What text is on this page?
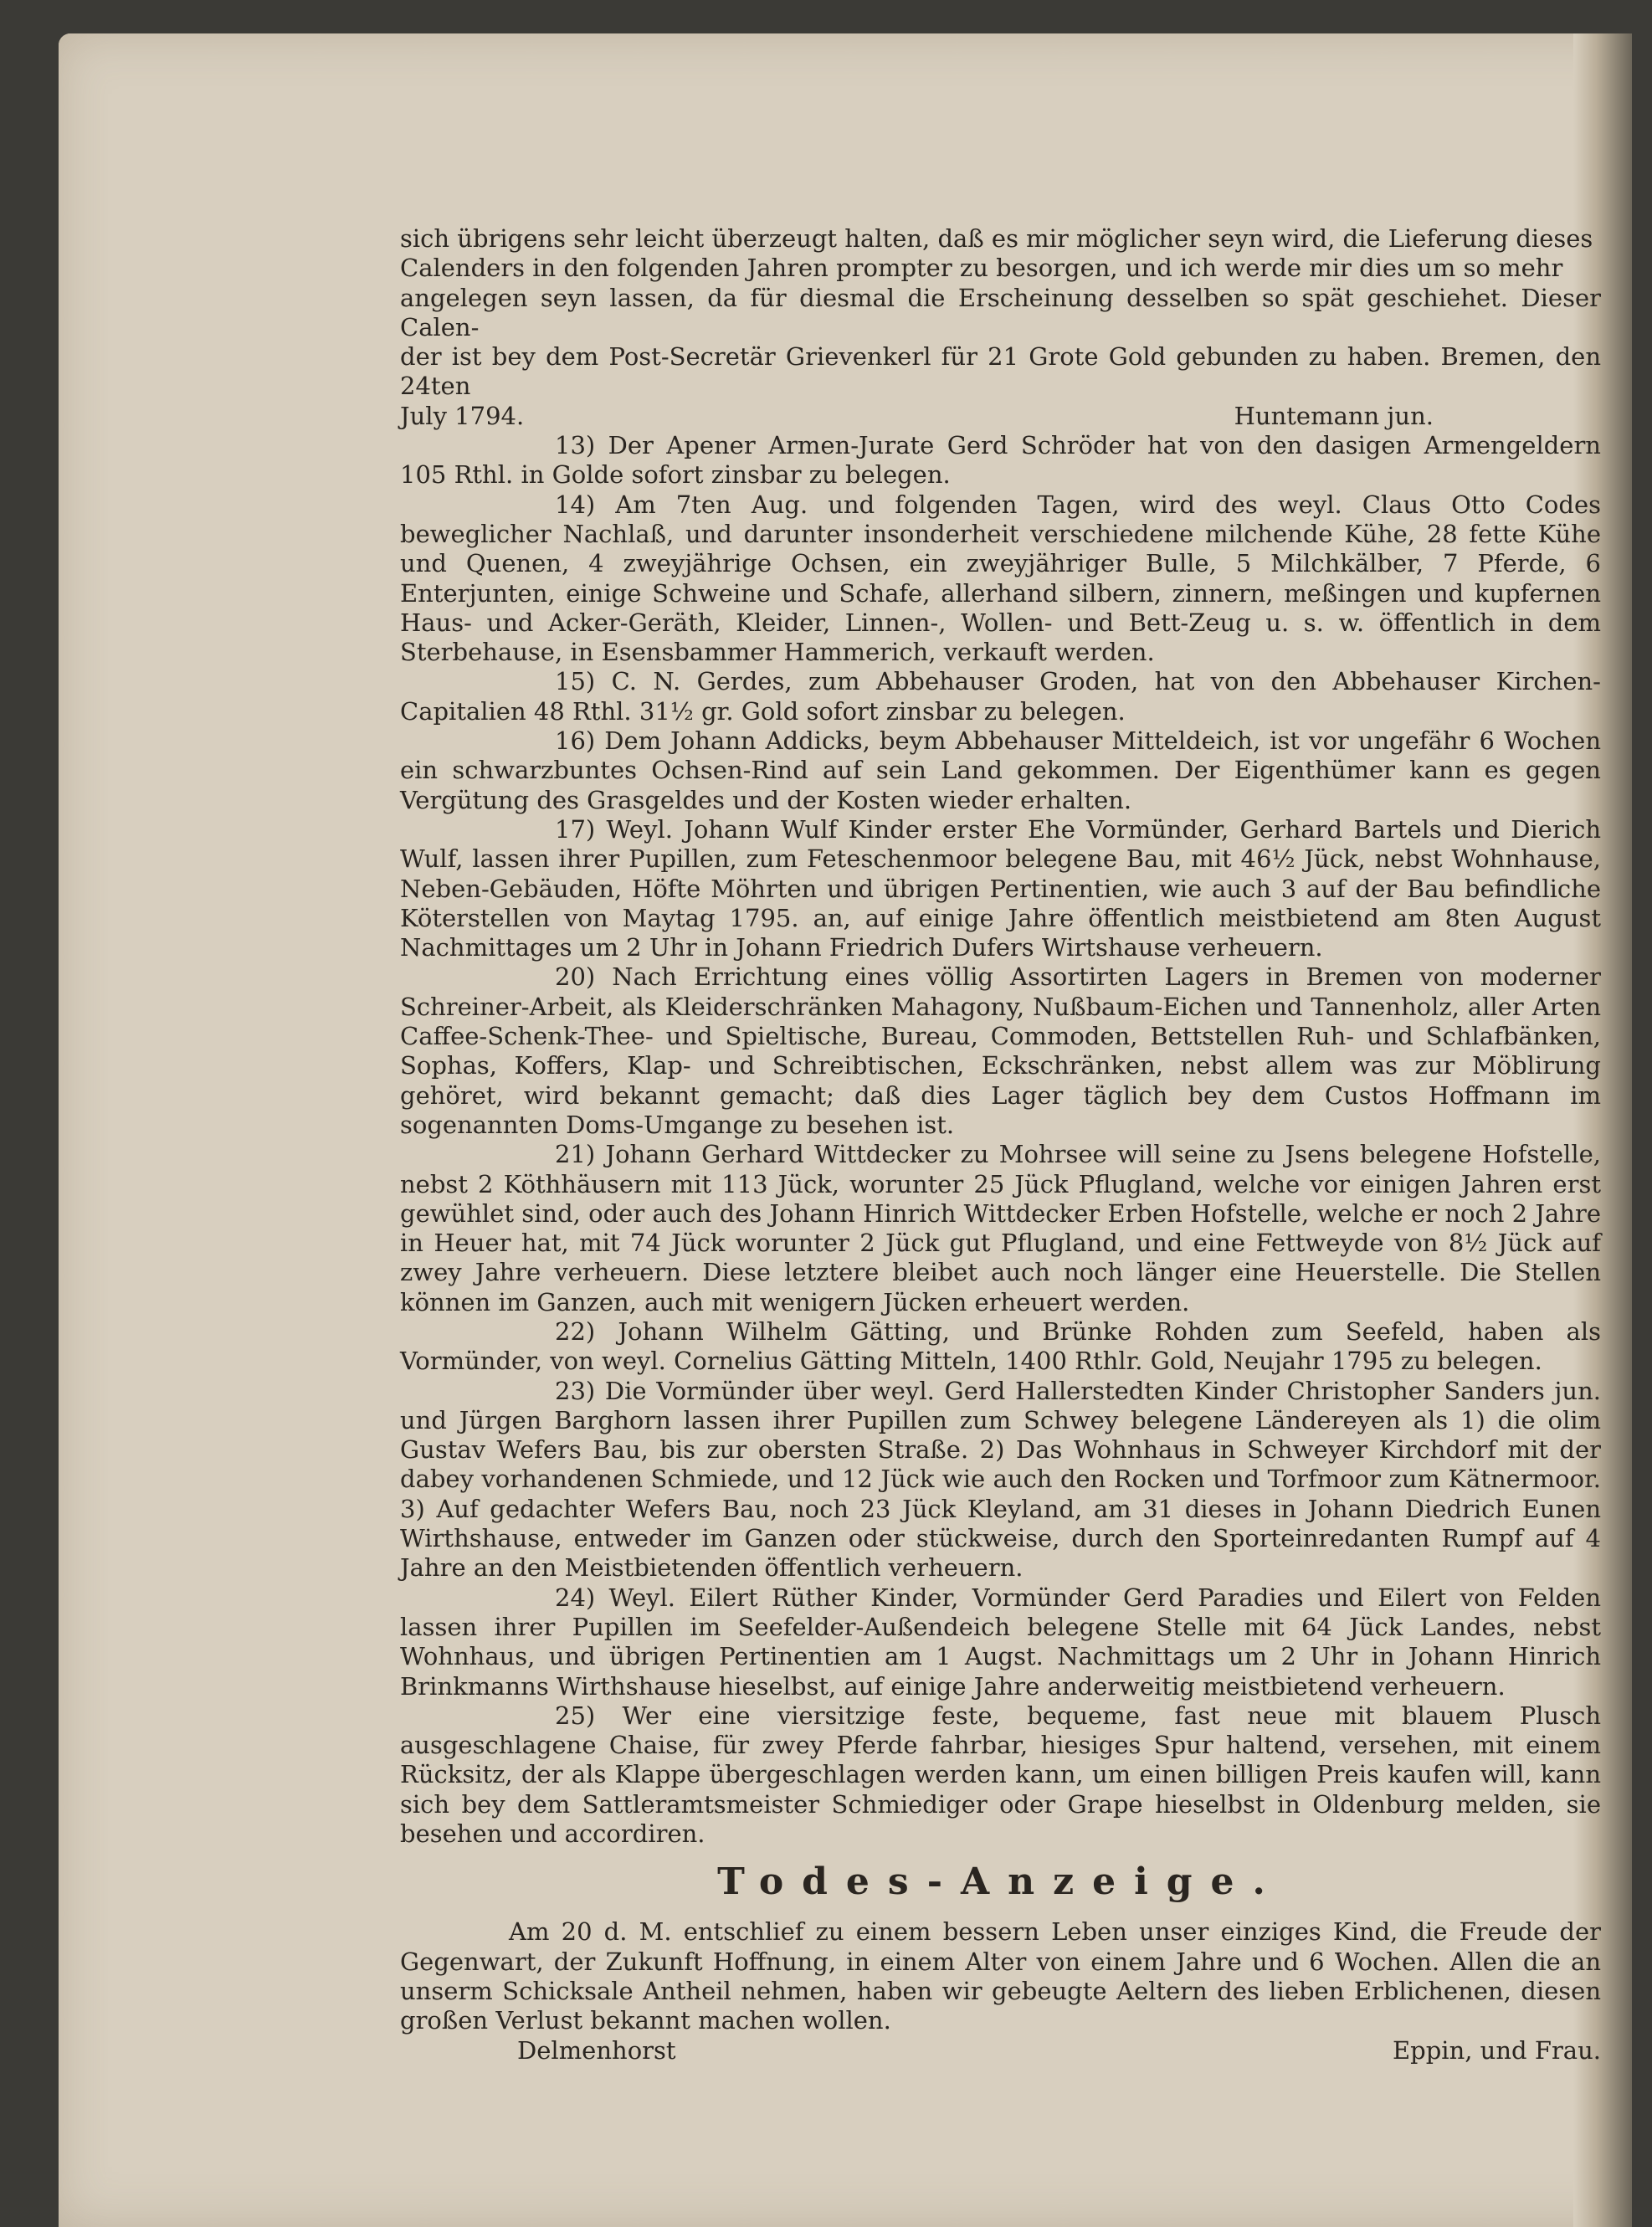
sich übrigens sehr leicht überzeugt halten, daß es mir möglicher seyn wird, die Lieferung dieses

Calenders in den folgenden Jahren prompter zu besorgen, und ich werde mir dies um so mehr

angelegen seyn lassen, da für diesmal die Erscheinung desselben so spät geschiehet. Dieser Calen-

der ist bey dem Post-Secretär Grievenkerl für 21 Grote Gold gebunden zu haben. Bremen, den 24ten

July 1794.	Huntemann jun.

13) Der Apener Armen-Jurate Gerd Schröder hat von den dasigen Armengeldern 105 Rthl. in Golde sofort zinsbar zu belegen.

14) Am 7ten Aug. und folgenden Tagen, wird des weyl. Claus Otto Codes beweglicher Nachlaß, und darunter insonderheit verschiedene milchende Kühe, 28 fette Kühe und Quenen, 4 zweyjährige Ochsen, ein zweyjähriger Bulle, 5 Milchkälber, 7 Pferde, 6 Enterjunten, einige Schweine und Schafe, allerhand silbern, zinnern, meßingen und kupfernen Haus- und Acker-Geräth, Kleider, Linnen-, Wollen- und Bett-Zeug u. s. w. öffentlich in dem Sterbehause, in Esensbammer Hammerich, verkauft werden.

15) C. N. Gerdes, zum Abbehauser Groden, hat von den Abbehauser Kirchen-Capitalien 48 Rthl. 31½ gr. Gold sofort zinsbar zu belegen.

16) Dem Johann Addicks, beym Abbehauser Mitteldeich, ist vor ungefähr 6 Wochen ein schwarzbuntes Ochsen-Rind auf sein Land gekommen. Der Eigenthümer kann es gegen Vergütung des Grasgeldes und der Kosten wieder erhalten.

17) Weyl. Johann Wulf Kinder erster Ehe Vormünder, Gerhard Bartels und Dierich Wulf, lassen ihrer Pupillen, zum Feteschenmoor belegene Bau, mit 46½ Jück, nebst Wohnhause, Neben-Gebäuden, Höfte Möhrten und übrigen Pertinentien, wie auch 3 auf der Bau befindliche Köterstellen von Maytag 1795. an, auf einige Jahre öffentlich meistbietend am 8ten August Nachmittages um 2 Uhr in Johann Friedrich Dufers Wirtshause verheuern.

20) Nach Errichtung eines völlig Assortirten Lagers in Bremen von moderner Schreiner-Arbeit, als Kleiderschränken Mahagony, Nußbaum-Eichen und Tannenholz, aller Arten Caffee-Schenk-Thee- und Spieltische, Bureau, Commoden, Bettstellen Ruh- und Schlafbänken, Sophas, Koffers, Klap- und Schreibtischen, Eckschränken, nebst allem was zur Möblirung gehöret, wird bekannt gemacht; daß dies Lager täglich bey dem Custos Hoffmann im sogenannten Doms-Umgange zu besehen ist.

21) Johann Gerhard Wittdecker zu Mohrsee will seine zu Jsens belegene Hofstelle, nebst 2 Köthhäusern mit 113 Jück, worunter 25 Jück Pflugland, welche vor einigen Jahren erst gewühlet sind, oder auch des Johann Hinrich Wittdecker Erben Hofstelle, welche er noch 2 Jahre in Heuer hat, mit 74 Jück worunter 2 Jück gut Pflugland, und eine Fettweyde von 8½ Jück auf zwey Jahre verheuern. Diese letztere bleibet auch noch länger eine Heuerstelle. Die Stellen können im Ganzen, auch mit wenigern Jücken erheuert werden.

22) Johann Wilhelm Gätting, und Brünke Rohden zum Seefeld, haben als Vormünder, von weyl. Cornelius Gätting Mitteln, 1400 Rthlr. Gold, Neujahr 1795 zu belegen.

23) Die Vormünder über weyl. Gerd Hallerstedten Kinder Christopher Sanders jun. und Jürgen Barghorn lassen ihrer Pupillen zum Schwey belegene Ländereyen als 1) die olim Gustav Wefers Bau, bis zur obersten Straße. 2) Das Wohnhaus in Schweyer Kirchdorf mit der dabey vorhandenen Schmiede, und 12 Jück wie auch den Rocken und Torfmoor zum Kätnermoor. 3) Auf gedachter Wefers Bau, noch 23 Jück Kleyland, am 31 dieses in Johann Diedrich Eunen Wirthshause, entweder im Ganzen oder stückweise, durch den Sporteinredanten Rumpf auf 4 Jahre an den Meistbietenden öffentlich verheuern.

24) Weyl. Eilert Rüther Kinder, Vormünder Gerd Paradies und Eilert von Felden lassen ihrer Pupillen im Seefelder-Außendeich belegene Stelle mit 64 Jück Landes, nebst Wohnhaus, und übrigen Pertinentien am 1 Augst. Nachmittags um 2 Uhr in Johann Hinrich Brinkmanns Wirthshause hieselbst, auf einige Jahre anderweitig meistbietend verheuern.

25) Wer eine viersitzige feste, bequeme, fast neue mit blauem Plusch ausgeschlagene Chaise, für zwey Pferde fahrbar, hiesiges Spur haltend, versehen, mit einem Rücksitz, der als Klappe übergeschlagen werden kann, um einen billigen Preis kaufen will, kann sich bey dem Sattleramtsmeister Schmiediger oder Grape hieselbst in Oldenburg melden, sie besehen und accordiren.

Todes-Anzeige.

Am 20 d. M. entschlief zu einem bessern Leben unser einziges Kind, die Freude der Gegenwart, der Zukunft Hoffnung, in einem Alter von einem Jahre und 6 Wochen. Allen die an unserm Schicksale Antheil nehmen, haben wir gebeugte Aeltern des lieben Erblichenen, diesen großen Verlust bekannt machen wollen.

Delmenhorst	Eppin, und Frau.
